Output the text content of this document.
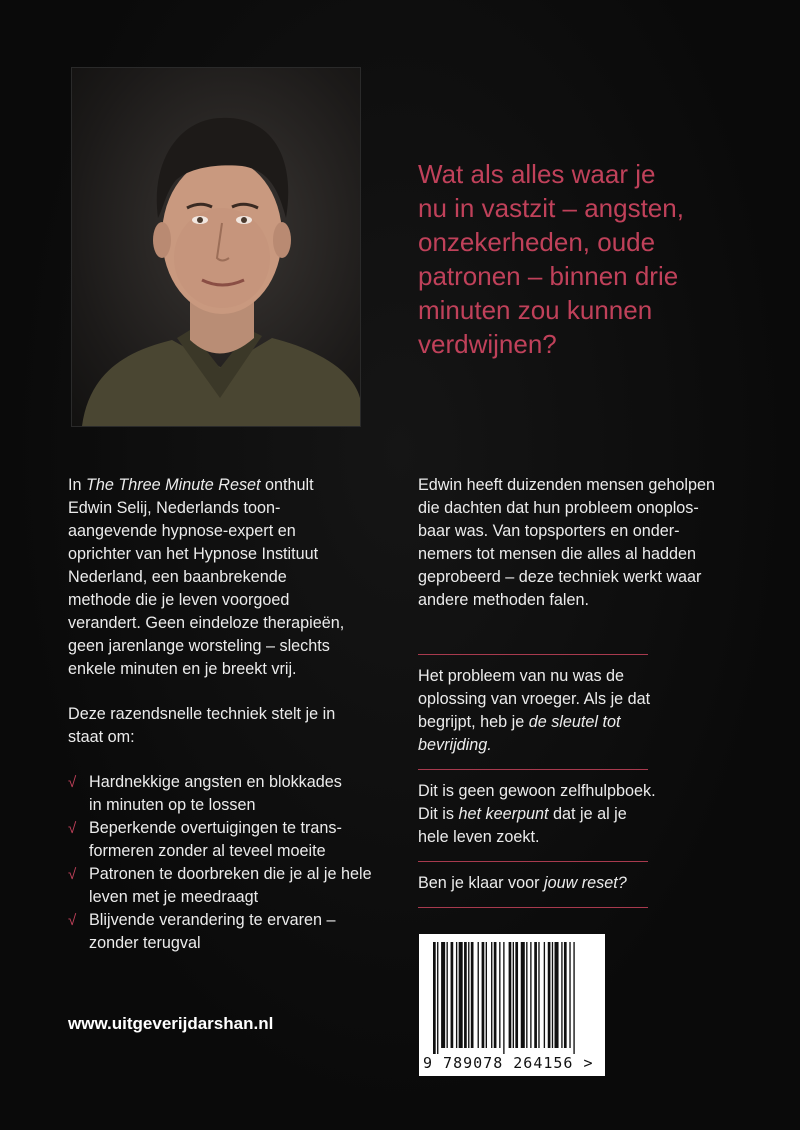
Wat als alles waar je
nu in vastzit – angsten,
onzekerheden, oude
patronen – binnen drie
minuten zou kunnen
verdwijnen?

In The Three Minute Reset onthult
Edwin Selij, Nederlands toon-
aangevende hypnose-expert en
oprichter van het Hypnose Instituut
Nederland, een baanbrekende
methode die je leven voorgoed
verandert. Geen eindeloze therapieën,
geen jarenlange worsteling – slechts
enkele minuten en je breekt vrij.

Deze razendsnelle techniek stelt je in
staat om:

√ Hardnekkige angsten en blokkades
in minuten op te lossen
√ Beperkende overtuigingen te trans-
formeren zonder al teveel moeite
√ Patronen te doorbreken die je al je hele
leven met je meedraagt
√ Blijvende verandering te ervaren –
zonder terugval

Edwin heeft duizenden mensen geholpen
die dachten dat hun probleem onoplos-
baar was. Van topsporters en onder-
nemers tot mensen die alles al hadden
geprobeerd – deze techniek werkt waar
andere methoden falen.

Het probleem van nu was de
oplossing van vroeger. Als je dat
begrijpt, heb je de sleutel tot
bevrijding.

Dit is geen gewoon zelfhulpboek.
Dit is het keerpunt dat je al je
hele leven zoekt.

Ben je klaar voor jouw reset?

9 789078 264156 >
www.uitgeverijdarshan.nl
